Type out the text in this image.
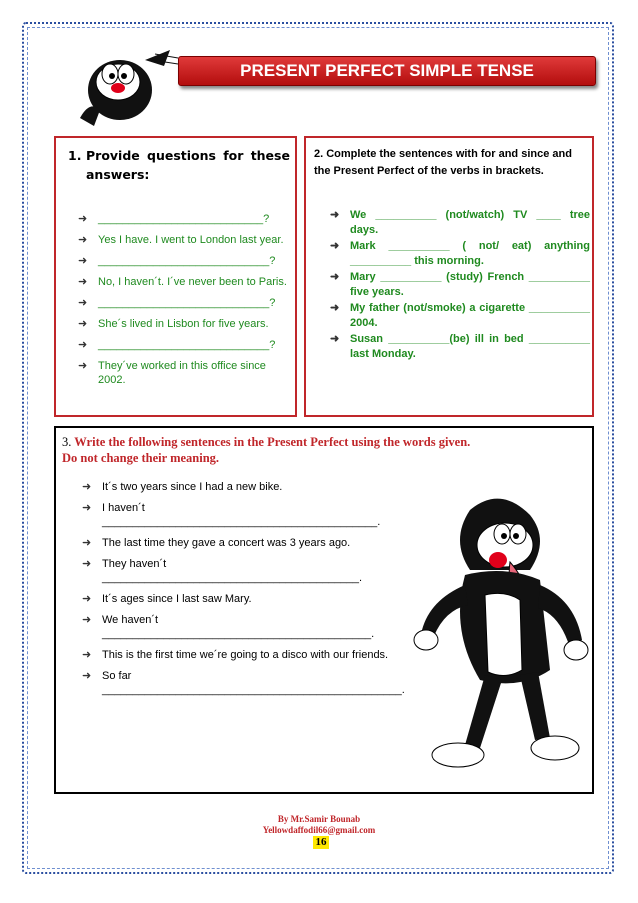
PRESENT PERFECT SIMPLE TENSE
1. Provide questions for these
answers:
➜ ___________________________?
➜ Yes I have. I went to London last year.
➜ ____________________________?
➜ No, I haven´t. I´ve never been to Paris.
➜ ____________________________?
➜ She´s lived in Lisbon for five years.
➜ ____________________________?
➜ They´ve worked in this office since 2002.
2. Complete the sentences with for and since and the Present Perfect of the verbs in brackets.
➜ We __________ (not/watch) TV ____ tree days.
➜ Mark __________ ( not/ eat) anything __________ this morning.
➜ Mary __________ (study) French __________ five years.
➜ My father (not/smoke) a cigarette __________ 2004.
➜ Susan __________(be) ill in bed __________ last Monday.
3. Write the following sentences in the Present Perfect using the words given.
Do not change their meaning.
➜ It´s two years since I had a new bike.
➜ I haven´t _____________________________________________.
➜ The last time they gave a concert was 3 years ago.
➜ They haven´t __________________________________________.
➜ It´s ages since I last saw Mary.
➜ We haven´t ____________________________________________.
➜ This is the first time we´re going to a disco with our friends.
➜ So far _________________________________________________.
By Mr.Samir Bounab
Yellowdaffodil66@gmail.com
16
